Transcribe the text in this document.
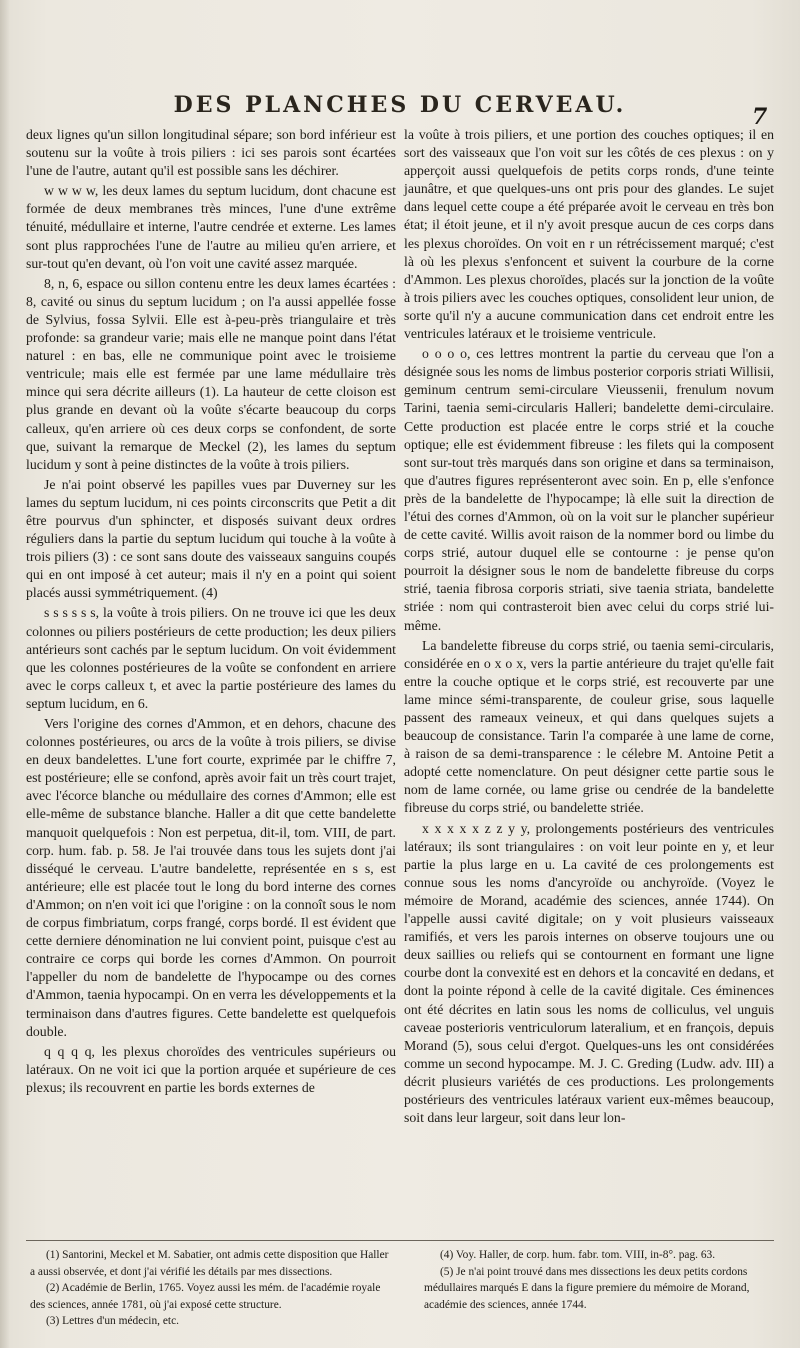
DES PLANCHES DU CERVEAU.	7

deux lignes qu'un sillon longitudinal sépare; son bord inférieur est soutenu sur la voûte à trois piliers : ici ses parois sont écartées l'une de l'autre, autant qu'il est possible sans les déchirer.

w w w w, les deux lames du septum lucidum, dont chacune est formée de deux membranes très minces, l'une d'une extrême ténuité, médullaire et interne, l'autre cendrée et externe. Les lames sont plus rapprochées l'une de l'autre au milieu qu'en arriere, et sur-tout qu'en devant, où l'on voit une cavité assez marquée.

8, n, 6, espace ou sillon contenu entre les deux lames écartées : 8, cavité ou sinus du septum lucidum ; on l'a aussi appellée fosse de Sylvius, fossa Sylvii. Elle est à-peu-près triangulaire et très profonde: sa grandeur varie; mais elle ne manque point dans l'état naturel : en bas, elle ne communique point avec le troisieme ventricule; mais elle est fermée par une lame médullaire très mince qui sera décrite ailleurs (1). La hauteur de cette cloison est plus grande en devant où la voûte s'écarte beaucoup du corps calleux, qu'en arriere où ces deux corps se confondent, de sorte que, suivant la remarque de Meckel (2), les lames du septum lucidum y sont à peine distinctes de la voûte à trois piliers.

Je n'ai point observé les papilles vues par Duverney sur les lames du septum lucidum, ni ces points circonscrits que Petit a dit être pourvus d'un sphincter, et disposés suivant deux ordres réguliers dans la partie du septum lucidum qui touche à la voûte à trois piliers (3) : ce sont sans doute des vaisseaux sanguins coupés qui en ont imposé à cet auteur; mais il n'y en a point qui soient placés aussi symmétriquement. (4)

s s s s s s, la voûte à trois piliers. On ne trouve ici que les deux colonnes ou piliers postérieurs de cette production; les deux piliers antérieurs sont cachés par le septum lucidum. On voit évidemment que les colonnes postérieures de la voûte se confondent en arriere avec le corps calleux t, et avec la partie postérieure des lames du septum lucidum, en 6.

Vers l'origine des cornes d'Ammon, et en dehors, chacune des colonnes postérieures, ou arcs de la voûte à trois piliers, se divise en deux bandelettes. L'une fort courte, exprimée par le chiffre 7, est postérieure; elle se confond, après avoir fait un très court trajet, avec l'écorce blanche ou médullaire des cornes d'Ammon; elle est elle-même de substance blanche. Haller a dit que cette bandelette manquoit quelquefois : Non est perpetua, dit-il, tom. VIII, de part. corp. hum. fab. p. 58. Je l'ai trouvée dans tous les sujets dont j'ai disséqué le cerveau. L'autre bandelette, représentée en s s, est antérieure; elle est placée tout le long du bord interne des cornes d'Ammon; on n'en voit ici que l'origine : on la connoît sous le nom de corpus fimbriatum, corps frangé, corps bordé. Il est évident que cette derniere dénomination ne lui convient point, puisque c'est au contraire ce corps qui borde les cornes d'Ammon. On pourroit l'appeller du nom de bandelette de l'hypocampe ou des cornes d'Ammon, taenia hypocampi. On en verra les développements et la terminaison dans d'autres figures. Cette bandelette est quelquefois double.

q q q q, les plexus choroïdes des ventricules supérieurs ou latéraux. On ne voit ici que la portion arquée et supérieure de ces plexus; ils recouvrent en partie les bords externes de

la voûte à trois piliers, et une portion des couches optiques; il en sort des vaisseaux que l'on voit sur les côtés de ces plexus : on y apperçoit aussi quelquefois de petits corps ronds, d'une teinte jaunâtre, et que quelques-uns ont pris pour des glandes. Le sujet dans lequel cette coupe a été préparée avoit le cerveau en très bon état; il étoit jeune, et il n'y avoit presque aucun de ces corps dans les plexus choroïdes. On voit en r un rétrécissement marqué; c'est là où les plexus s'enfoncent et suivent la courbure de la corne d'Ammon. Les plexus choroïdes, placés sur la jonction de la voûte à trois piliers avec les couches optiques, consolident leur union, de sorte qu'il n'y a aucune communication dans cet endroit entre les ventricules latéraux et le troisieme ventricule.

o o o o, ces lettres montrent la partie du cerveau que l'on a désignée sous les noms de limbus posterior corporis striati Willisii, geminum centrum semi-circulare Vieussenii, frenulum novum Tarini, taenia semi-circularis Halleri; bandelette demi-circulaire. Cette production est placée entre le corps strié et la couche optique; elle est évidemment fibreuse : les filets qui la composent sont sur-tout très marqués dans son origine et dans sa terminaison, que d'autres figures représenteront avec soin. En p, elle s'enfonce près de la bandelette de l'hypocampe; là elle suit la direction de l'étui des cornes d'Ammon, où on la voit sur le plancher supérieur de cette cavité. Willis avoit raison de la nommer bord ou limbe du corps strié, autour duquel elle se contourne : je pense qu'on pourroit la désigner sous le nom de bandelette fibreuse du corps strié, taenia fibrosa corporis striati, sive taenia striata, bandelette striée : nom qui contrasteroit bien avec celui du corps strié lui-même.

La bandelette fibreuse du corps strié, ou taenia semi-circularis, considérée en o x o x, vers la partie antérieure du trajet qu'elle fait entre la couche optique et le corps strié, est recouverte par une lame mince sémi-transparente, de couleur grise, sous laquelle passent des rameaux veineux, et qui dans quelques sujets a beaucoup de consistance. Tarin l'a comparée à une lame de corne, à raison de sa demi-transparence : le célebre M. Antoine Petit a adopté cette nomenclature. On peut désigner cette partie sous le nom de lame cornée, ou lame grise ou cendrée de la bandelette fibreuse du corps strié, ou bandelette striée.

x x x x x z z y y, prolongements postérieurs des ventricules latéraux; ils sont triangulaires : on voit leur pointe en y, et leur partie la plus large en u. La cavité de ces prolongements est connue sous les noms d'ancyroïde ou anchyroïde. (Voyez le mémoire de Morand, académie des sciences, année 1744). On l'appelle aussi cavité digitale; on y voit plusieurs vaisseaux ramifiés, et vers les parois internes on observe toujours une ou deux saillies ou reliefs qui se contournent en formant une ligne courbe dont la convexité est en dehors et la concavité en dedans, et dont la pointe répond à celle de la cavité digitale. Ces éminences ont été décrites en latin sous les noms de colliculus, vel unguis caveae posterioris ventriculorum lateralium, et en françois, depuis Morand (5), sous celui d'ergot. Quelques-uns les ont considérées comme un second hypocampe. M. J. C. Greding (Ludw. adv. III) a décrit plusieurs variétés de ces productions. Les prolongements postérieurs des ventricules latéraux varient eux-mêmes beaucoup, soit dans leur largeur, soit dans leur lon-

(1) Santorini, Meckel et M. Sabatier, ont admis cette disposition que Haller a aussi observée, et dont j'ai vérifié les détails par mes dissections.
(2) Académie de Berlin, 1765. Voyez aussi les mém. de l'académie royale des sciences, année 1781, où j'ai exposé cette structure.
(3) Lettres d'un médecin, etc.
(4) Voy. Haller, de corp. hum. fabr. tom. VIII, in-8°. pag. 63.
(5) Je n'ai point trouvé dans mes dissections les deux petits cordons médullaires marqués E dans la figure premiere du mémoire de Morand, académie des sciences, année 1744.
